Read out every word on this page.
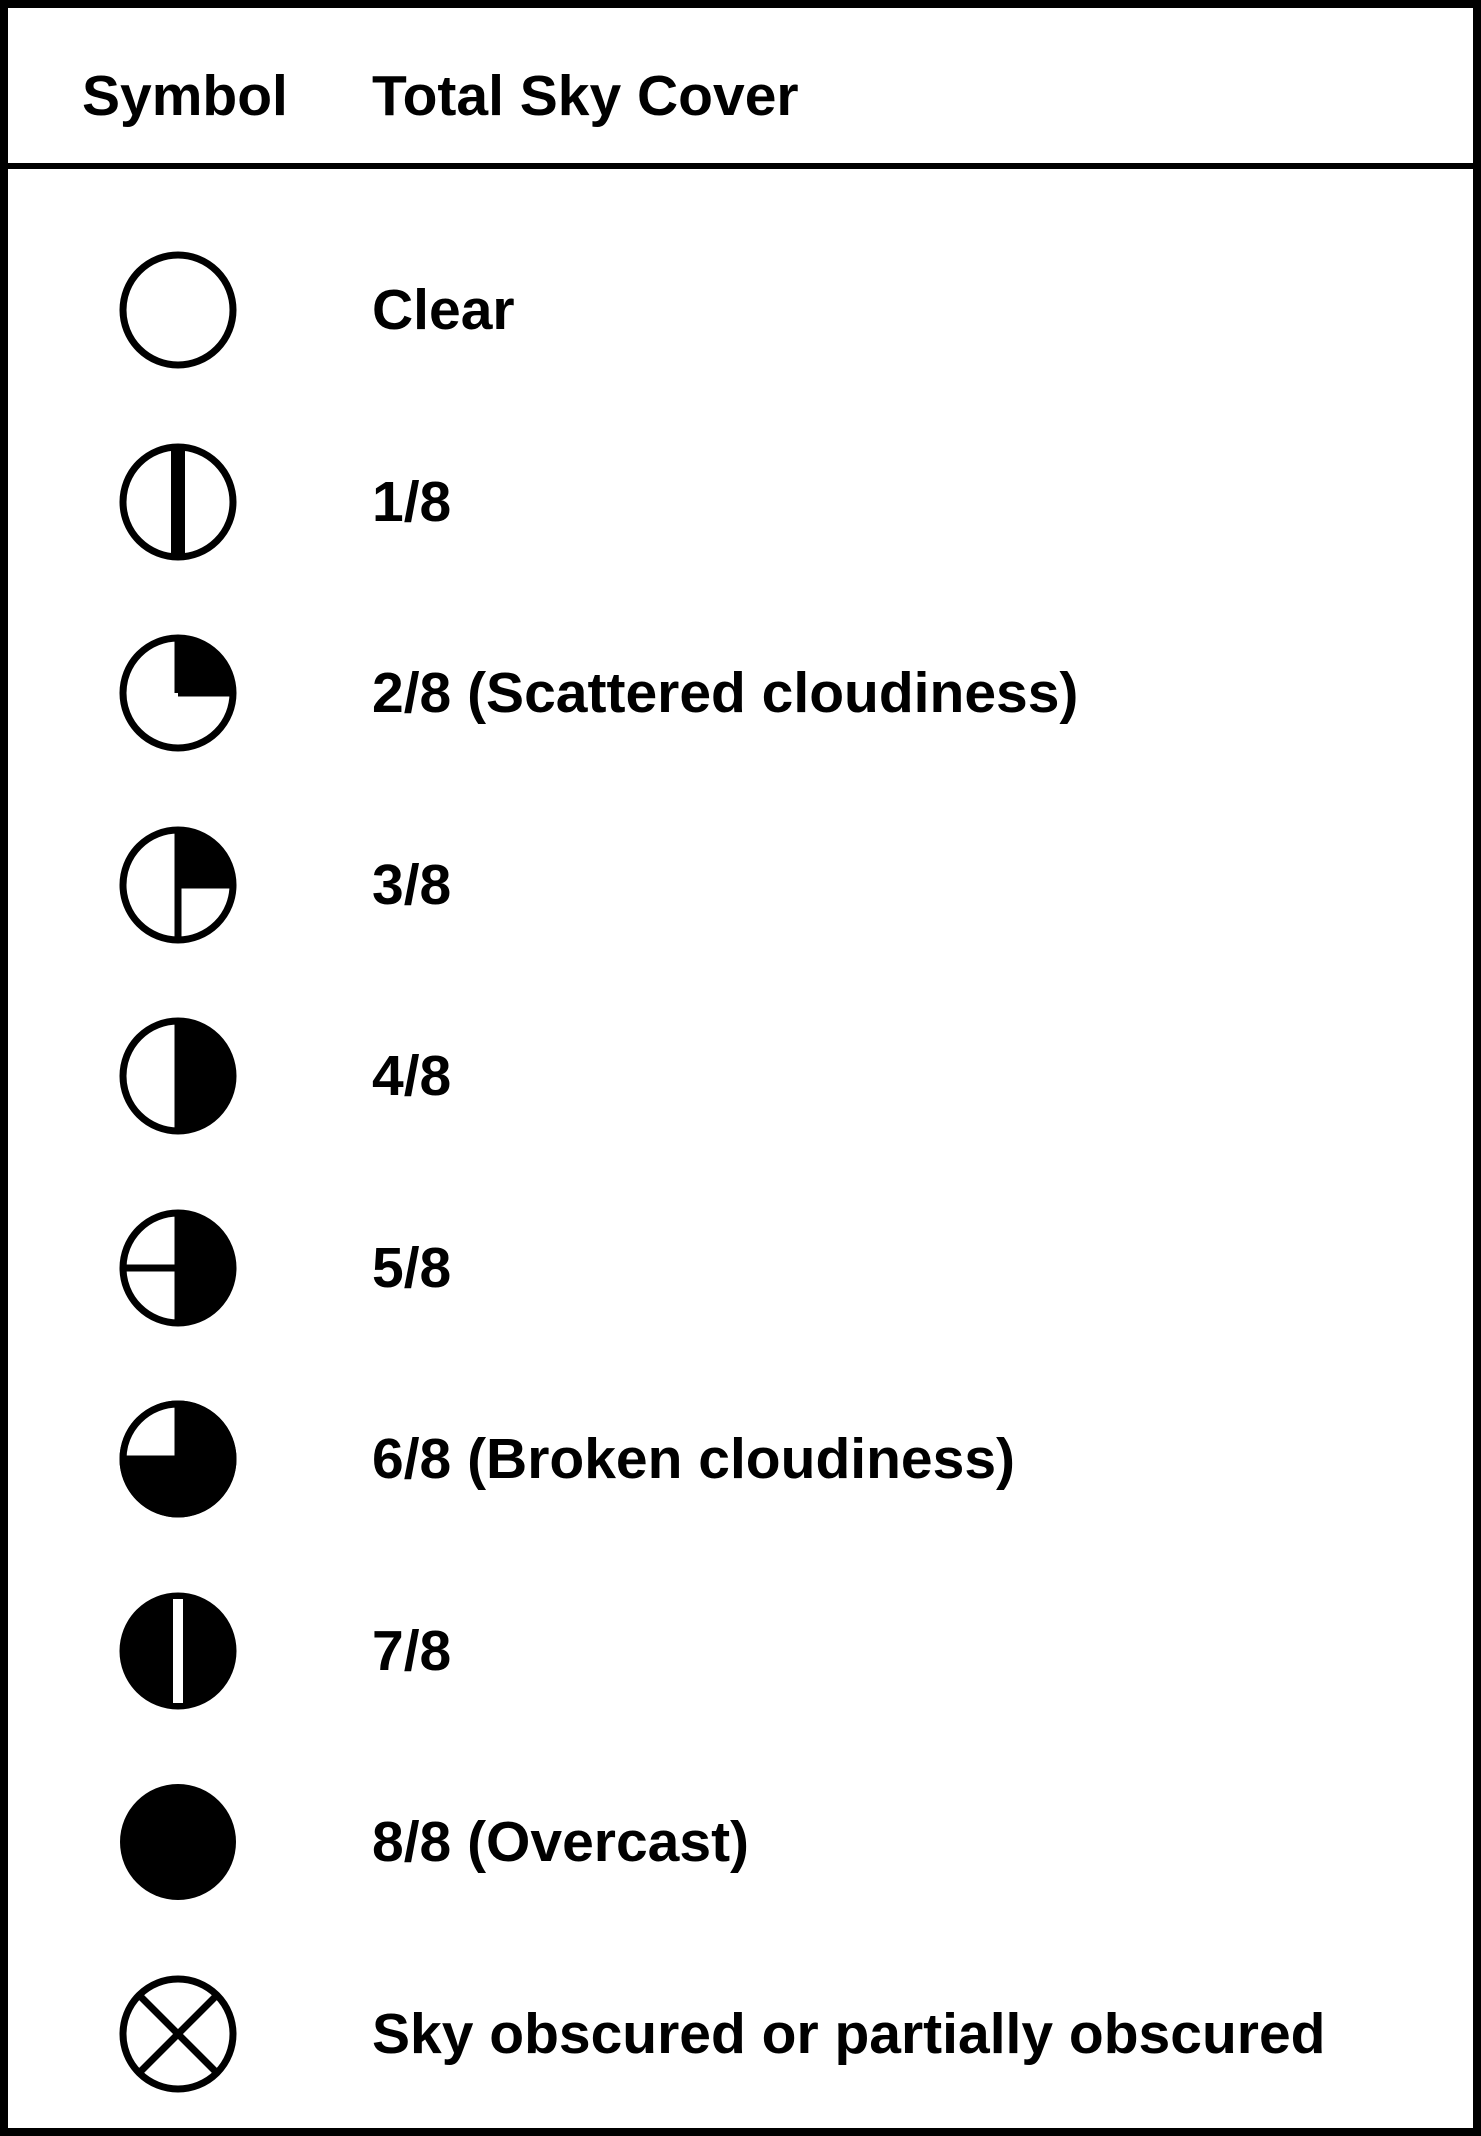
Symbol Total Sky Cover
Clear
1/8
2/8 (Scattered cloudiness)
3/8
4/8
5/8
6/8 (Broken cloudiness)
7/8
8/8 (Overcast)
Sky obscured or partially obscured
